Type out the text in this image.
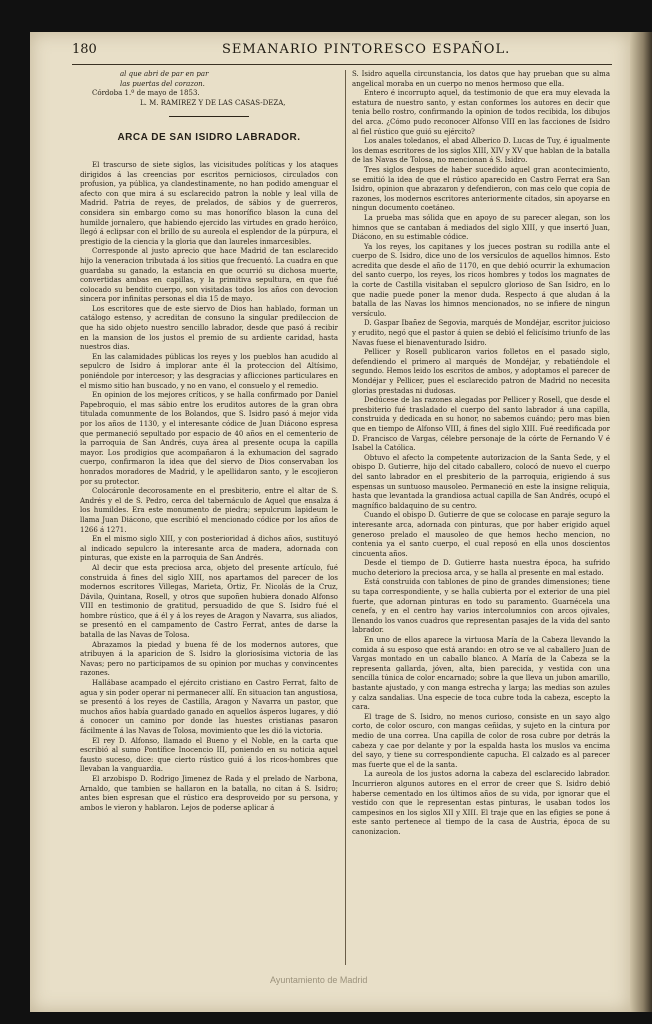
180	SEMANARIO PINTORESCO ESPAÑOL.

al que abri de par en par

las puertas del corazon.

Córdoba 1.º de mayo de 1853.

L. M. RAMIREZ Y DE LAS CASAS-DEZA,

ARCA DE SAN ISIDRO LABRADOR.

El trascurso de siete siglos, las vicisitudes políticas y los ataques dirigidos á las creencias por escritos perniciosos, circulados con profusion, ya pública, ya clandestinamente, no han podido amenguar el afecto con que mira á su esclarecido patron la noble y leal villa de Madrid. Patria de reyes, de prelados, de sábios y de guerreros, considera sin embargo como su mas honorífico blason la cuna del humilde jornalero, que habiendo ejercido las virtudes en grado heróico, llegó á eclipsar con el brillo de su aureola el esplendor de la púrpura, el prestigio de la ciencia y la gloria que dan laureles inmarcesibles.

Corresponde al justo aprecio que hace Madrid de tan esclarecido hijo la veneracion tributada á los sitios que frecuentó. La cuadra en que guardaba su ganado, la estancia en que ocurrió su dichosa muerte, convertidas ambas en capillas, y la primitiva sepultura, en que fué colocado su bendito cuerpo, son visitadas todos los años con devocion sincera por infinitas personas el dia 15 de mayo.

Los escritores que de este siervo de Dios han hablado, forman un catálogo estenso, y acreditan de consuno la singular predileccion de que ha sido objeto nuestro sencillo labrador, desde que pasó á recibir en la mansion de los justos el premio de su ardiente caridad, hasta nuestros dias.

En las calamidades públicas los reyes y los pueblos han acudido al sepulcro de Isidro á implorar ante él la proteccion del Altísimo, poniéndole por intercesor; y las desgracias y aflicciones particulares en el mismo sitio han buscado, y no en vano, el consuelo y el remedio.

En opinion de los mejores críticos, y se halla confirmado por Daniel Papebroquio, el mas sábio entre los eruditos autores de la gran obra titulada comunmente de los Bolandos, que S. Isidro pasó á mejor vida por los años de 1130, y el interesante códice de Juan Diácono espresa que permaneció sepultado por espacio de 40 años en el cementerio de la parroquia de San Andrés, cuya área al presente ocupa la capilla mayor. Los prodigios que acompañaron á la exhumacion del sagrado cuerpo, confirmaron la idea que del siervo de Dios conservaban los honrados moradores de Madrid, y le apellidaron santo, y le escojieron por su protector.

Colocáronle decorosamente en el presbiterio, entre el altar de S. Andrés y el de S. Pedro, cerca del tabernáculo de Aquel que ensalza á los humildes. Era este monumento de piedra; sepulcrum lapideum le llama Juan Diácono, que escribió el mencionado códice por los años de 1266 á 1271.

En el mismo siglo XIII, y con posterioridad á dichos años, sustituyó al indicado sepulcro la interesante arca de madera, adornada con pinturas, que existe en la parroquia de San Andrés.

Al decir que esta preciosa arca, objeto del presente artículo, fué construida á fines del siglo XIII, nos apartamos del parecer de los modernos escritores Villegas, Marieta, Ortiz, Fr. Nicolás de la Cruz, Dávila, Quintana, Rosell, y otros que supoñen hubiera donado Alfonso VIII en testimonio de gratitud, persuadido de que S. Isidro fué el hombre rústico, que á él y á los reyes de Aragon y Navarra, sus aliados, se presentó en el campamento de Castro Ferrat, antes de darse la batalla de las Navas de Tolosa.

Abrazamos la piedad y buena fé de los modernos autores, que atribuyen á la aparicion de S. Isidro la gloriosísima victoria de las Navas; pero no participamos de su opinion por muchas y convincentes razones.

Hallábase acampado el ejército cristiano en Castro Ferrat, falto de agua y sin poder operar ni permanecer allí. En situacion tan angustiosa, se presentó á los reyes de Castilla, Aragon y Navarra un pastor, que muchos años había guardado ganado en aquellos ásperos lugares, y dió á conocer un camino por donde las huestes cristianas pasaron fácilmente á las Navas de Tolosa, movimiento que les dió la victoria.

El rey D. Alfonso, llamado el Bueno y el Noble, en la carta que escribió al sumo Pontífice Inocencio III, poniendo en su noticia aquel fausto suceso, dice: que cierto rústico guió á los ricos-hombres que llevaban la vanguardia.

El arzobispo D. Rodrigo Jimenez de Rada y el prelado de Narbona, Arnaldo, que tambien se hallaron en la batalla, no citan á S. Isidro; antes bien espresan que el rústico era desproveido por su persona, y ambos le vieron y hablaron. Lejos de poderse aplicar á

S. Isidro aquella circunstancia, los datos que hay prueban que su alma angelical moraba en un cuerpo no menos hermoso que ella.

Entero é incorrupto aquel, da testimonio de que era muy elevada la estatura de nuestro santo, y estan conformes los autores en decir que tenia bello rostro, confirmando la opinion de todos recibida, los dibujos del arca. ¿Cómo pudo reconocer Alfonso VIII en las facciones de Isidro al fiel rústico que guió su ejército?

Los anales toledanos, el abad Alberico D. Lucas de Tuy, é igualmente los demas escritores de los siglos XIII, XIV y XV que hablan de la batalla de las Navas de Tolosa, no mencionan á S. Isidro.

Tres siglos despues de haber sucedido aquel gran acontecimiento, se emitió la idea de que el rústico aparecido en Castro Ferrat era San Isidro, opinion que abrazaron y defendieron, con mas celo que copia de razones, los modernos escritores anteriormente citados, sin apoyarse en ningun documento coetáneo.

La prueba mas sólida que en apoyo de su parecer alegan, son los himnos que se cantaban á mediados del siglo XIII, y que insertó Juan, Diácono, en su estimable códice.

Ya los reyes, los capitanes y los jueces postran su rodilla ante el cuerpo de S. Isidro, dice uno de los versículos de aquellos himnos. Esto acredita que desde el año de 1170, en que debió ocurrir la exhumacion del santo cuerpo, los reyes, los ricos hombres y todos los magnates de la corte de Castilla visitaban el sepulcro glorioso de San Isidro, en lo que nadie puede poner la menor duda. Respecto á que aludan á la batalla de las Navas los himnos mencionados, no se infiere de ningun versículo.

D. Gaspar Ibañez de Segovia, marqués de Mondéjar, escritor juicioso y erudito, negó que el pastor á quien se debió el felicísimo triunfo de las Navas fuese el bienaventurado Isidro.

Pellicer y Rosell publicaron varios folletos en el pasado siglo, defendiendo el primero al marqués de Mondéjar, y rebatiéndole el segundo. Hemos leido los escritos de ambos, y adoptamos el parecer de Mondéjar y Pellicer, pues el esclarecido patron de Madrid no necesita glorias prestadas ni dudosas.

Dedúcese de las razones alegadas por Pellicer y Rosell, que desde el presbiterio fué trasladado el cuerpo del santo labrador á una capilla, construida y dedicada en su honor, no sabemos cuándo; pero mas bien que en tiempo de Alfonso VIII, á fines del siglo XIII. Fué reedificada por D. Francisco de Vargas, célebre personaje de la córte de Fernando V é Isabel la Católica.

Obtuvo el afecto la competente autorizacion de la Santa Sede, y el obispo D. Gutierre, hijo del citado caballero, colocó de nuevo el cuerpo del santo labrador en el presbiterio de la parroquia, erigiendo á sus espensas un suntuoso mausoleo. Permaneció en este la insigne reliquia, hasta que levantada la grandiosa actual capilla de San Andrés, ocupó el magnífico baldaquino de su centro.

Cuando el obispo D. Gutierre de que se colocase en paraje seguro la interesante arca, adornada con pinturas, que por haber erigido aquel generoso prelado el mausoleo de que hemos hecho mencion, no contenia ya el santo cuerpo, el cual reposó en ella unos doscientos cincuenta años.

Desde el tiempo de D. Gutierre hasta nuestra época, ha sufrido mucho deterioro la preciosa arca, y se halla al presente en mal estado.

Está construida con tablones de pino de grandes dimensiones; tiene su tapa correspondiente, y se halla cubierta por el exterior de una piel fuerte, que adornan pinturas en todo su paramento. Guarnécela una cenefa, y en el centro hay varios intercolumnios con arcos ojivales, llenando los vanos cuadros que representan pasajes de la vida del santo labrador.

En uno de ellos aparece la virtuosa María de la Cabeza llevando la comida á su esposo que está arando: en otro se ve al caballero Juan de Vargas montado en un caballo blanco. A María de la Cabeza se la representa gallarda, jóven, alta, bien parecida, y vestida con una sencilla túnica de color encarnado; sobre la que lleva un jubon amarillo, bastante ajustado, y con manga estrecha y larga; las medias son azules y calza sandalias. Una especie de toca cubre toda la cabeza, escepto la cara.

El trage de S. Isidro, no menos curioso, consiste en un sayo algo corto, de color oscuro, con mangas ceñidas, y sujeto en la cintura por medio de una correa. Una capilla de color de rosa cubre por detrás la cabeza y cae por delante y por la espalda hasta los muslos va encima del sayo, y tiene su correspondiente capucha. El calzado es al parecer mas fuerte que el de la santa.

La aureola de los justos adorna la cabeza del esclarecido labrador. Incurrieron algunos autores en el error de creer que S. Isidro debió haberse cementado en los últimos años de su vida, por ignorar que el vestido con que le representan estas pinturas, le usaban todos los campesinos en los siglos XII y XIII. El traje que en las efigies se pone á este santo pertenece al tiempo de la casa de Austria, época de su canonizacion.

Ayuntamiento de Madrid
